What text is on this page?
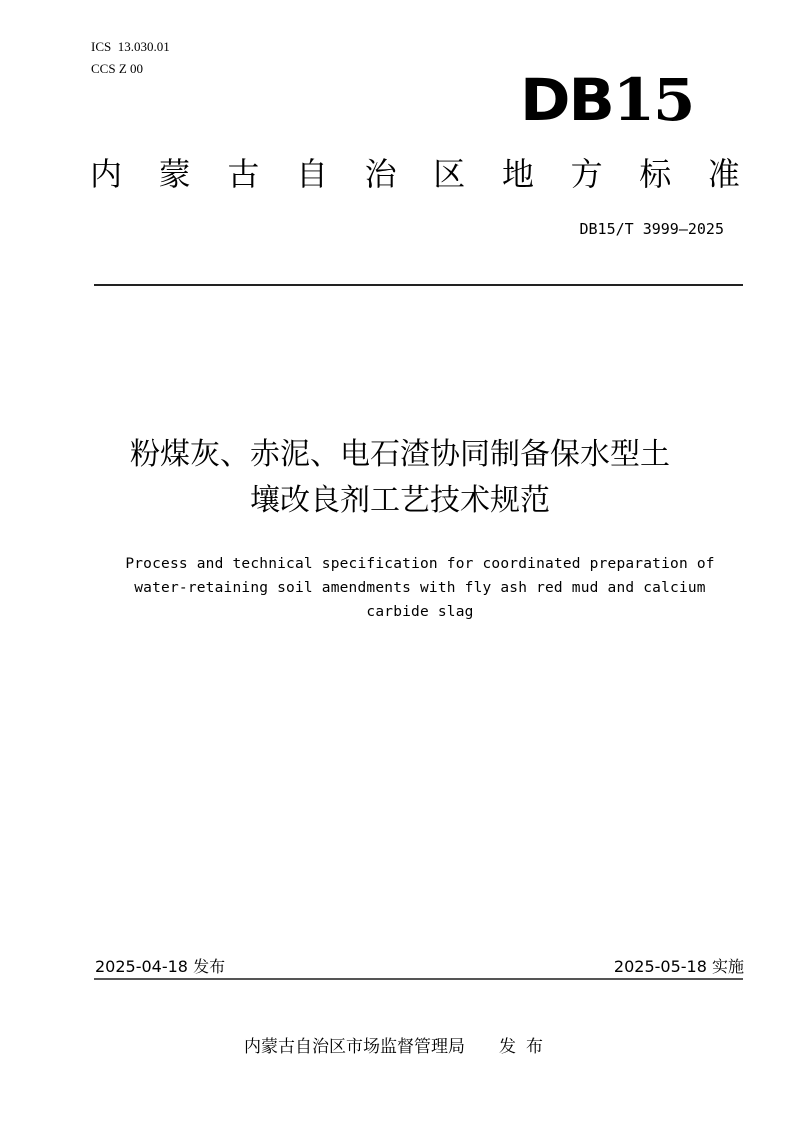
ICS  13.030.01
CCS Z 00	DB15
内 蒙 古 自 治 区 地 方 标 准
DB15/T 3999—2025
粉煤灰、赤泥、电石渣协同制备保水型土
壤改良剂工艺技术规范
Process and technical specification for coordinated preparation of water-retaining soil amendments with fly ash red mud and calcium carbide slag
2025-04-18 发布	2025-05-18 实施
内蒙古自治区市场监督管理局 发布
